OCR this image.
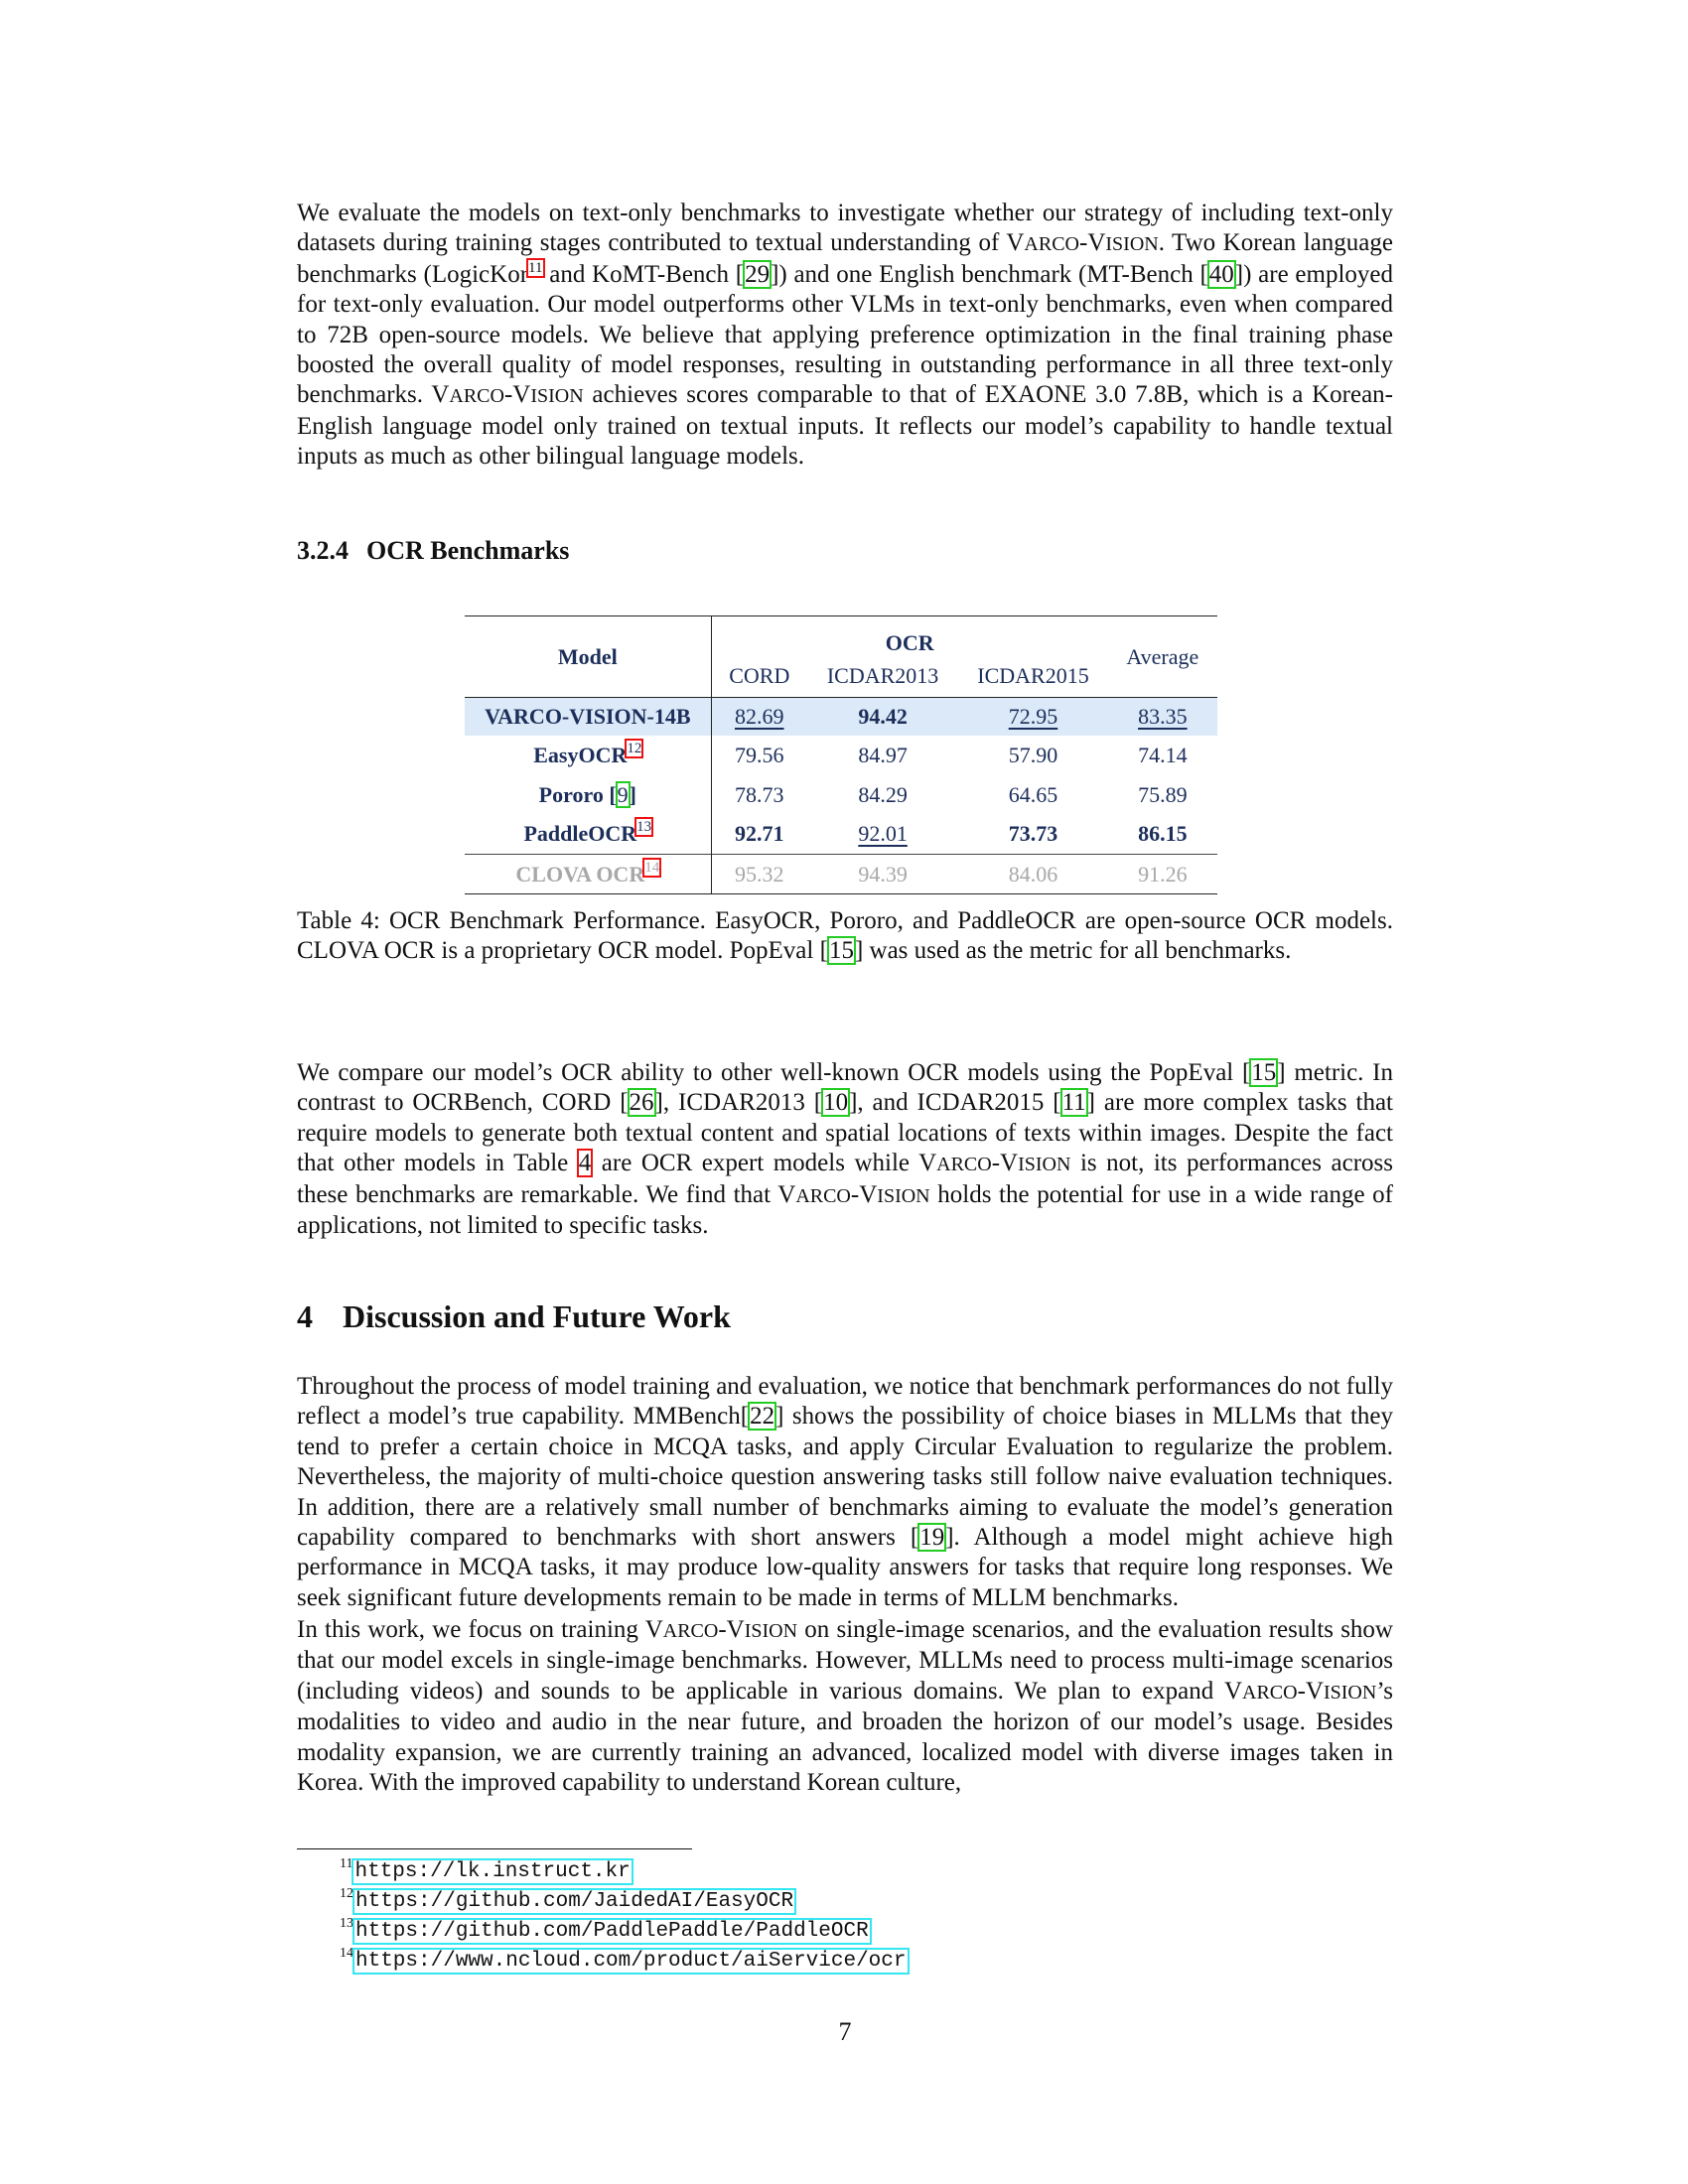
We evaluate the models on text-only benchmarks to investigate whether our strategy of including text-only datasets during training stages contributed to textual understanding of VARCO-VISION. Two Korean language benchmarks (LogicKor$^{11}$ and KoMT-Bench [29]) and one English benchmark (MT-Bench [40]) are employed for text-only evaluation. Our model outperforms other VLMs in text-only benchmarks, even when compared to 72B open-source models. We believe that applying preference optimization in the final training phase boosted the overall quality of model responses, resulting in outstanding performance in all three text-only benchmarks. VARCO-VISION achieves scores comparable to that of EXAONE 3.0 7.8B, which is a Korean-English language model only trained on textual inputs. It reflects our model’s capability to handle textual inputs as much as other bilingual language models.

3.2.4 OCR Benchmarks
Model	OCR			Average
	CORD	ICDAR2013	ICDAR2015	
VARCO-VISION-14B	82.69	94.42	72.95	83.35
EasyOCR$^{12}$	79.56	84.97	57.90	74.14
Pororo [9]	78.73	84.29	64.65	75.89
PaddleOCR$^{13}$	92.71	92.01	73.73	86.15
CLOVA OCR$^{14}$	95.32	94.39	84.06	91.26

Table 4: OCR Benchmark Performance. EasyOCR, Pororo, and PaddleOCR are open-source OCR models. CLOVA OCR is a proprietary OCR model. PopEval [15] was used as the metric for all benchmarks.

We compare our model’s OCR ability to other well-known OCR models using the PopEval [15] metric. In contrast to OCRBench, CORD [26], ICDAR2013 [10], and ICDAR2015 [11] are more complex tasks that require models to generate both textual content and spatial locations of texts within images. Despite the fact that other models in Table 4 are OCR expert models while VARCO-VISION is not, its performances across these benchmarks are remarkable. We find that VARCO-VISION holds the potential for use in a wide range of applications, not limited to specific tasks.

4 Discussion and Future Work

Throughout the process of model training and evaluation, we notice that benchmark performances do not fully reflect a model’s true capability. MMBench[22] shows the possibility of choice biases in MLLMs that they tend to prefer a certain choice in MCQA tasks, and apply Circular Evaluation to regularize the problem. Nevertheless, the majority of multi-choice question answering tasks still follow naive evaluation techniques. In addition, there are a relatively small number of benchmarks aiming to evaluate the model’s generation capability compared to benchmarks with short answers [19]. Although a model might achieve high performance in MCQA tasks, it may produce low-quality answers for tasks that require long responses. We seek significant future developments remain to be made in terms of MLLM benchmarks.

In this work, we focus on training VARCO-VISION on single-image scenarios, and the evaluation results show that our model excels in single-image benchmarks. However, MLLMs need to process multi-image scenarios (including videos) and sounds to be applicable in various domains. We plan to expand VARCO-VISION’s modalities to video and audio in the near future, and broaden the horizon of our model’s usage. Besides modality expansion, we are currently training an advanced, localized model with diverse images taken in Korea. With the improved capability to understand Korean culture,

$^{11}$https://lk.instruct.kr
$^{12}$https://github.com/JaidedAI/EasyOCR
$^{13}$https://github.com/PaddlePaddle/PaddleOCR
$^{14}$https://www.ncloud.com/product/aiService/ocr
7
